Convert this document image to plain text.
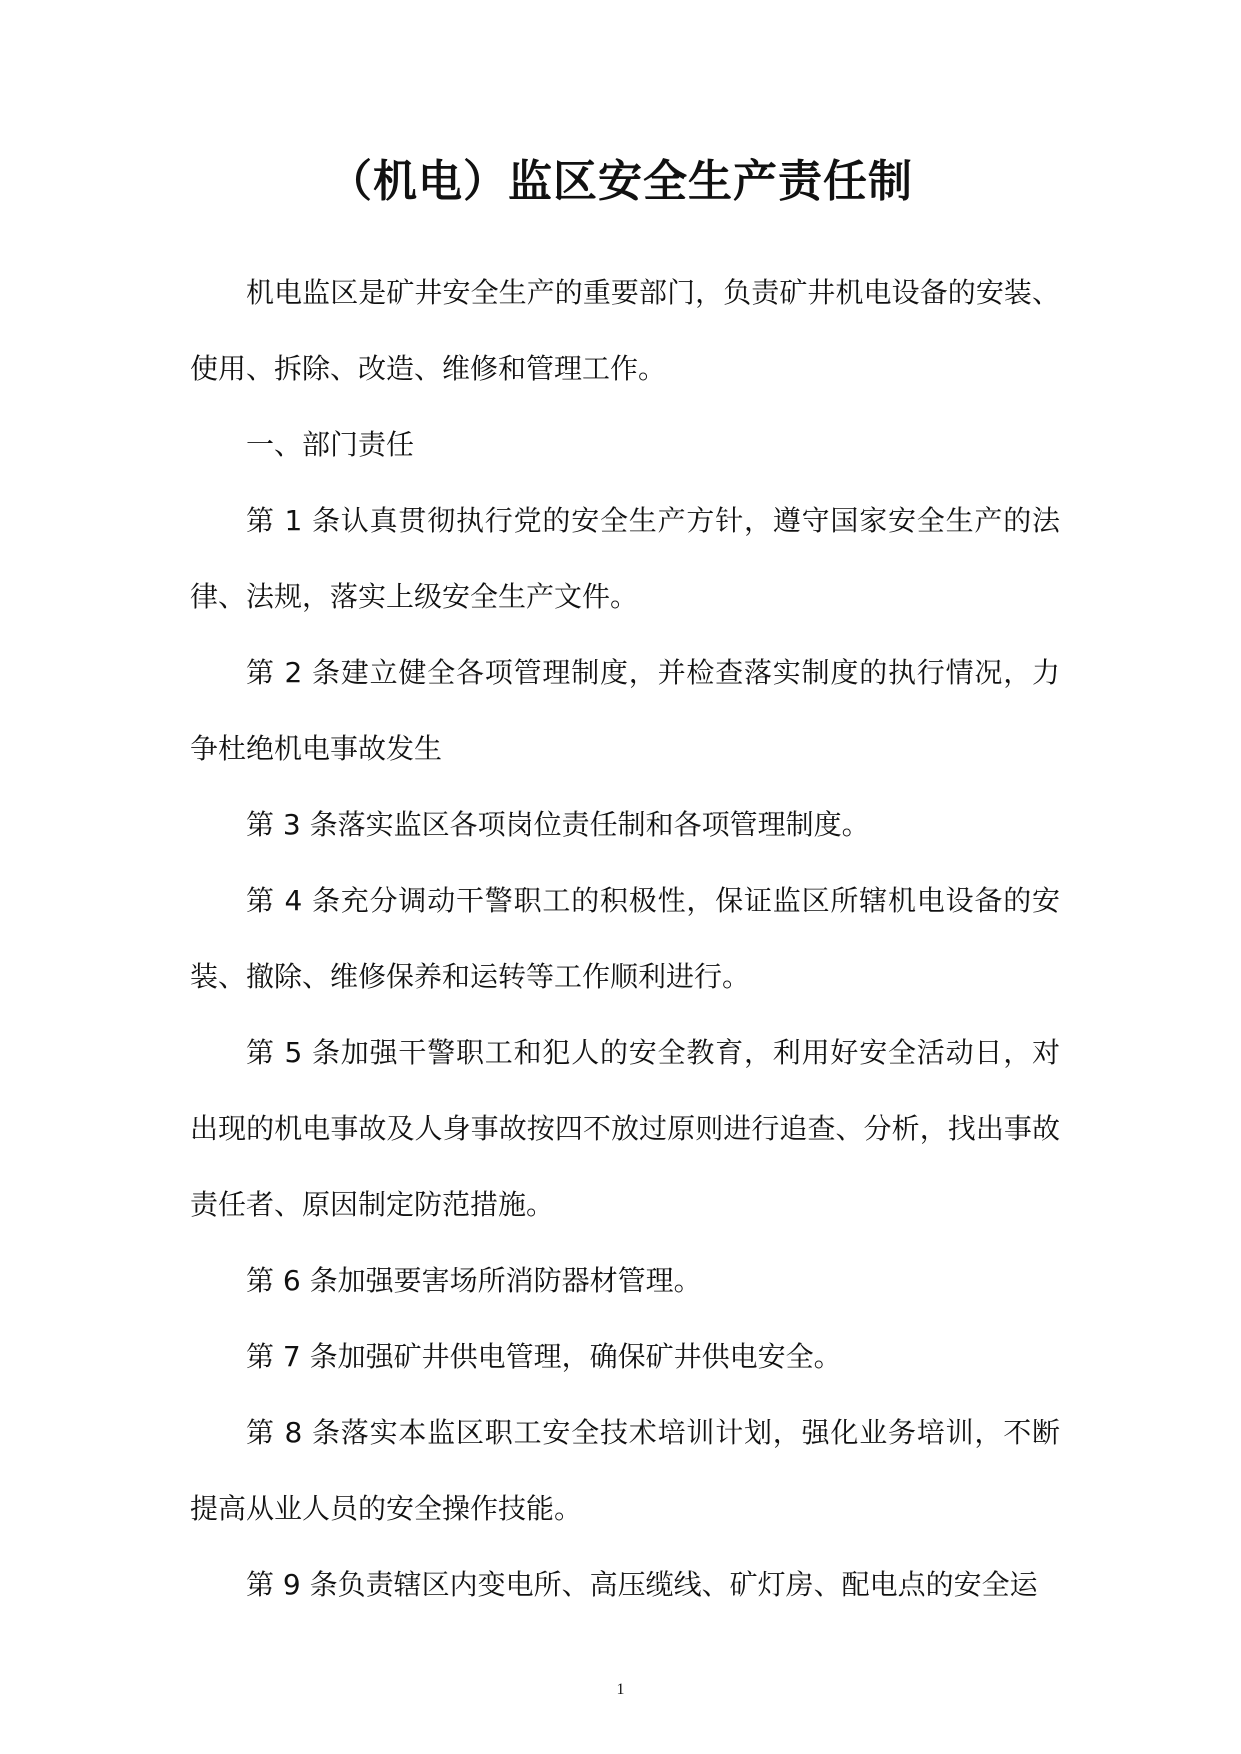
（机电）监区安全生产责任制

机电监区是矿井安全生产的重要部门，负责矿井机电设备的安装、使用、拆除、改造、维修和管理工作。

一、部门责任

第 1 条认真贯彻执行党的安全生产方针，遵守国家安全生产的法律、法规，落实上级安全生产文件。

第 2 条建立健全各项管理制度，并检查落实制度的执行情况，力争杜绝机电事故发生

第 3 条落实监区各项岗位责任制和各项管理制度。

第 4 条充分调动干警职工的积极性，保证监区所辖机电设备的安装、撤除、维修保养和运转等工作顺利进行。

第 5 条加强干警职工和犯人的安全教育，利用好安全活动日，对出现的机电事故及人身事故按四不放过原则进行追查、分析，找出事故责任者、原因制定防范措施。

第 6 条加强要害场所消防器材管理。

第 7 条加强矿井供电管理，确保矿井供电安全。

第 8 条落实本监区职工安全技术培训计划，强化业务培训，不断提高从业人员的安全操作技能。

第 9 条负责辖区内变电所、高压缆线、矿灯房、配电点的安全运

1
